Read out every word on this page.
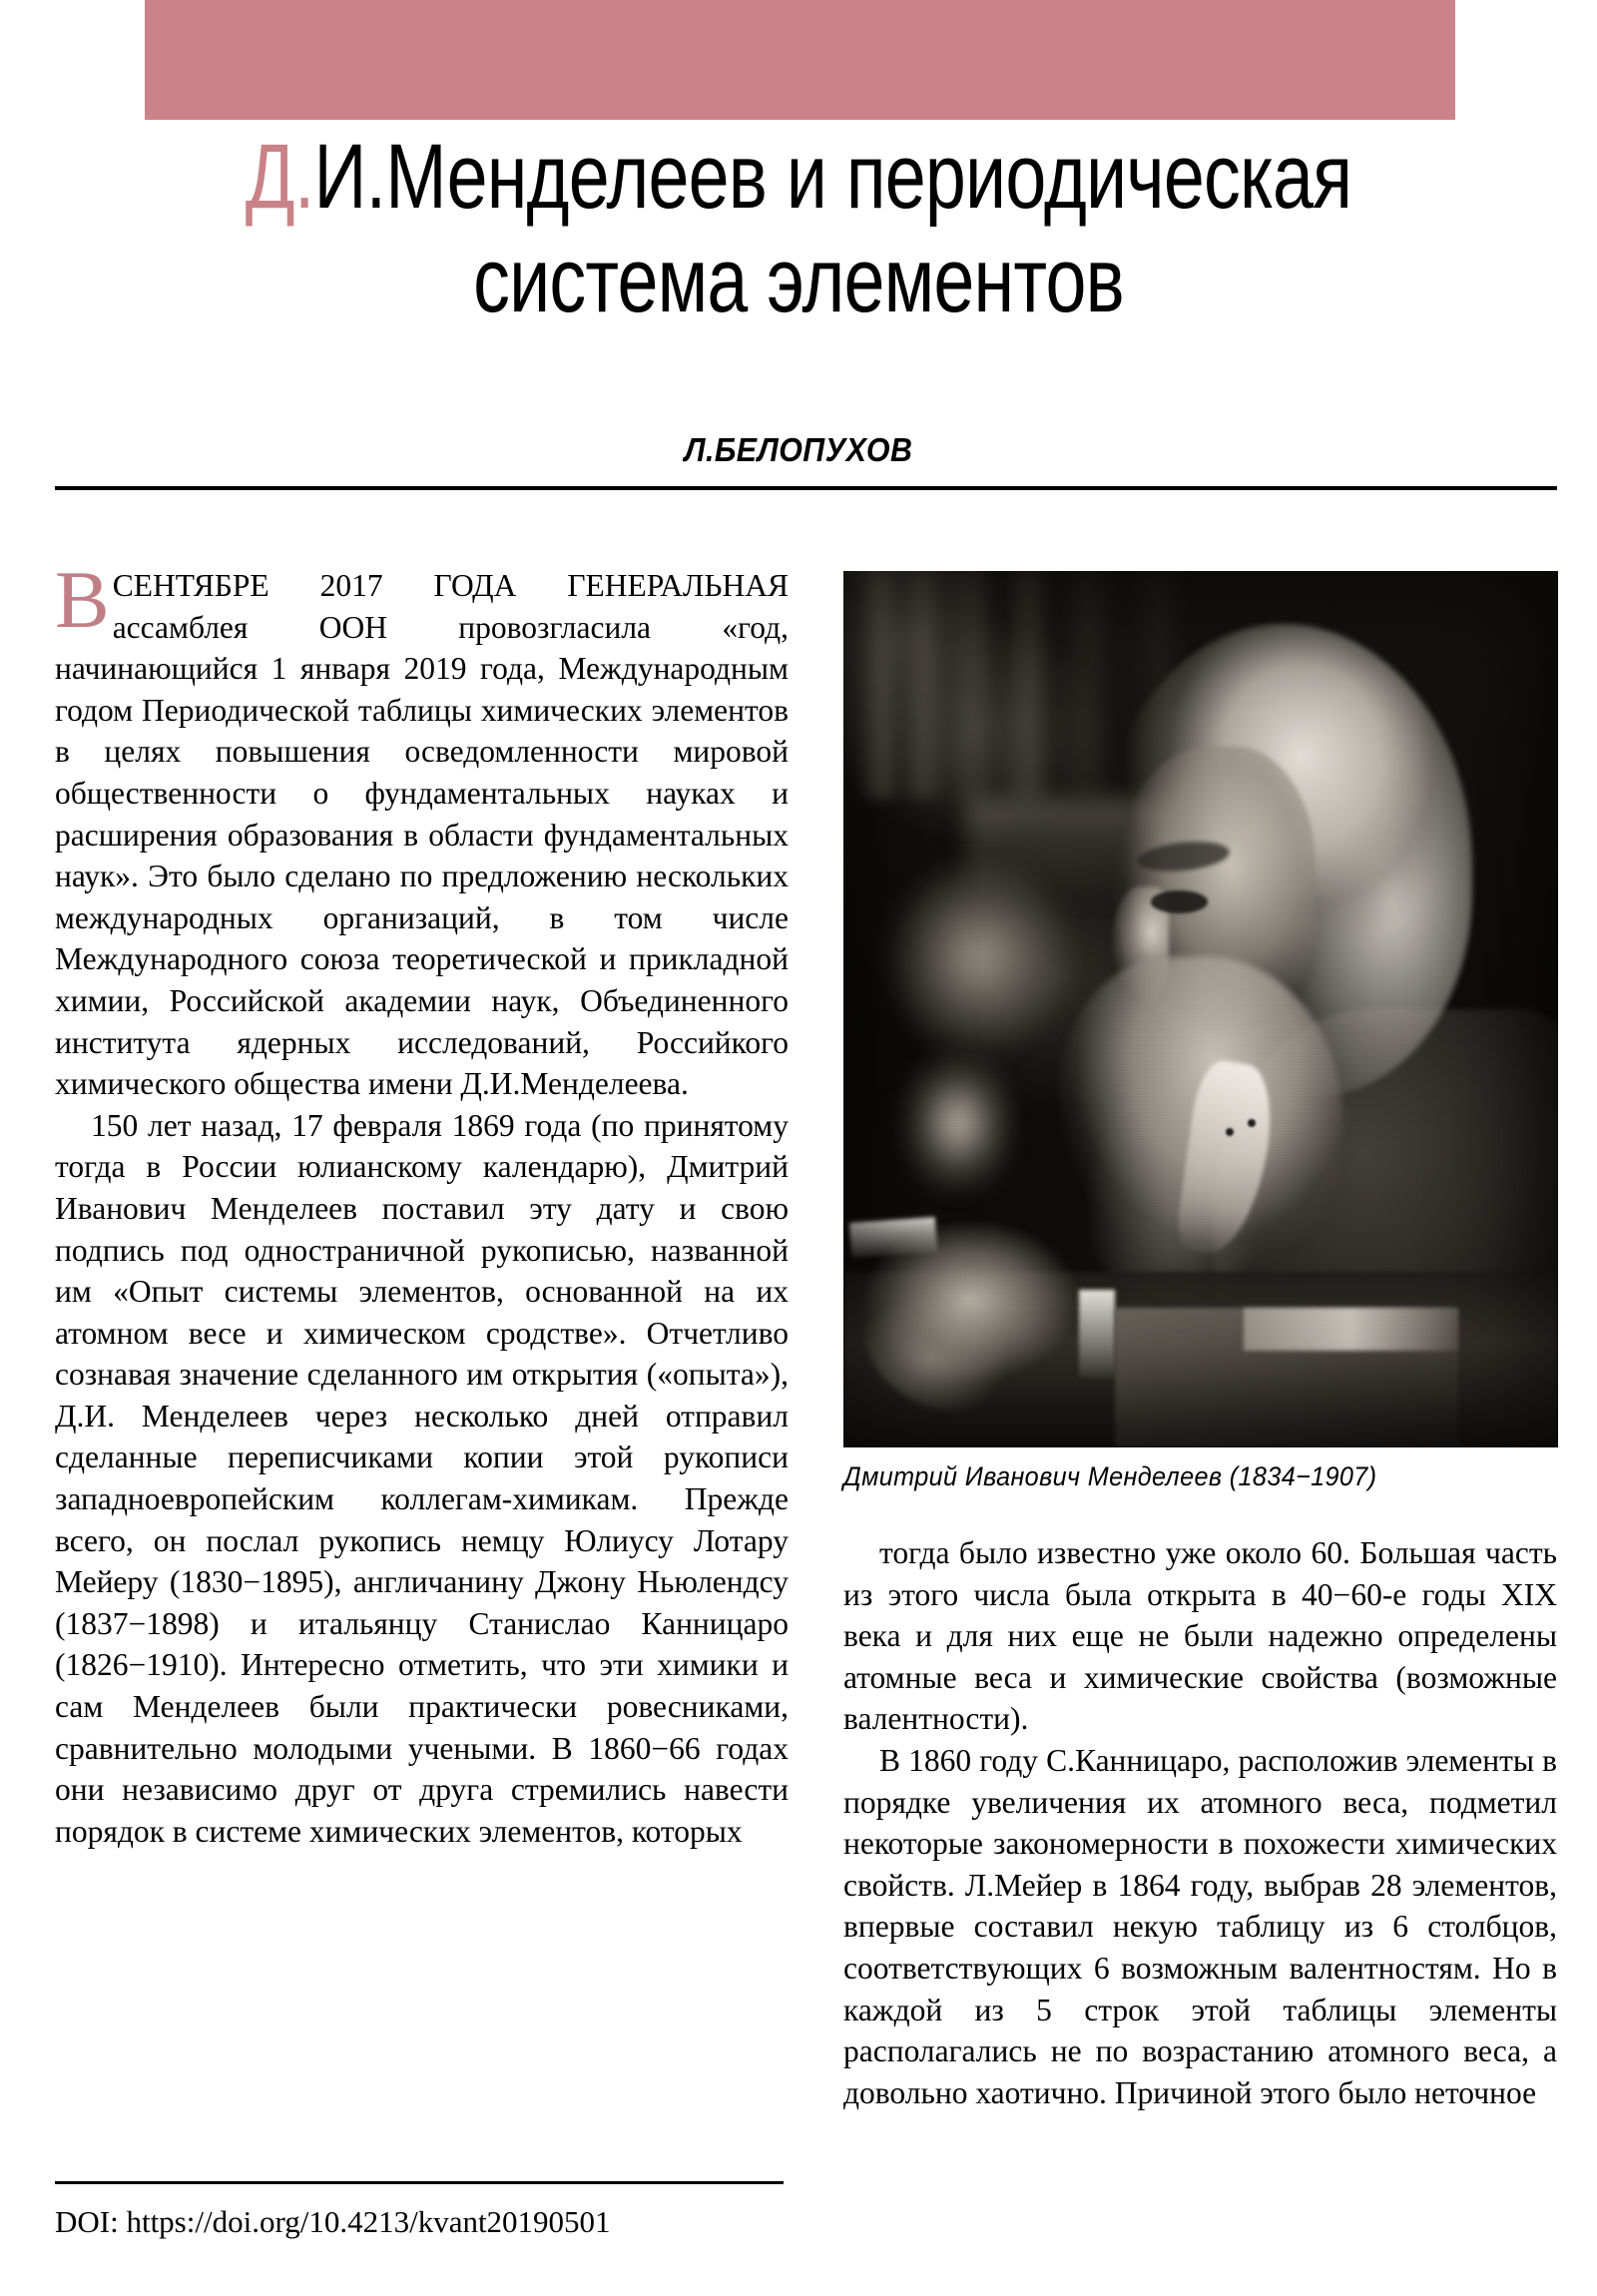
Д.И.Менделеев и периодическая
система элементов
Л.БЕЛОПУХОВ

ВСЕНТЯБРЕ 2017 ГОДА ГЕНЕРАЛЬНАЯ ассамблея ООН провозгласила «год, начинающийся 1 января 2019 года, Международным годом Периодической таблицы химических элементов в целях повышения осведомленности мировой общественности о фундаментальных науках и расширения образования в области фундаментальных наук». Это было сделано по предложению нескольких международных организаций, в том числе Международного союза теоретической и прикладной химии, Российской академии наук, Объединенного института ядерных исследований, Российкого химического общества имени Д.И.Менделеева.

150 лет назад, 17 февраля 1869 года (по принятому тогда в России юлианскому календарю), Дмитрий Иванович Менделеев поставил эту дату и свою подпись под одностраничной рукописью, названной им «Опыт системы элементов, основанной на их атомном весе и химическом сродстве». Отчетливо сознавая значение сделанного им открытия («опыта»), Д.И. Менделеев через несколько дней отправил сделанные переписчиками копии этой рукописи западноевропейским коллегам-химикам. Прежде всего, он послал рукопись немцу Юлиусу Лотару Мейеру (1830−1895), англичанину Джону Ньюлендсу (1837−1898) и итальянцу Станислао Канницаро (1826−1910). Интересно отметить, что эти химики и сам Менделеев были практически ровесниками, сравнительно молодыми учеными. В 1860−66 годах они независимо друг от друга стремились навести порядок в системе химических элементов, которых

Дмитрий Иванович Менделеев (1834−1907)

тогда было известно уже около 60. Большая часть из этого числа была открыта в 40−60-е годы XIX века и для них еще не были надежно определены атомные веса и химические свойства (возможные валентности).

В 1860 году С.Канницаро, расположив элементы в порядке увеличения их атомного веса, подметил некоторые закономерности в похожести химических свойств. Л.Мейер в 1864 году, выбрав 28 элементов, впервые составил некую таблицу из 6 столбцов, соответствующих 6 возможным валентностям. Но в каждой из 5 строк этой таблицы элементы располагались не по возрастанию атомного веса, а довольно хаотично. Причиной этого было неточное

DOI: https://doi.org/10.4213/kvant20190501
